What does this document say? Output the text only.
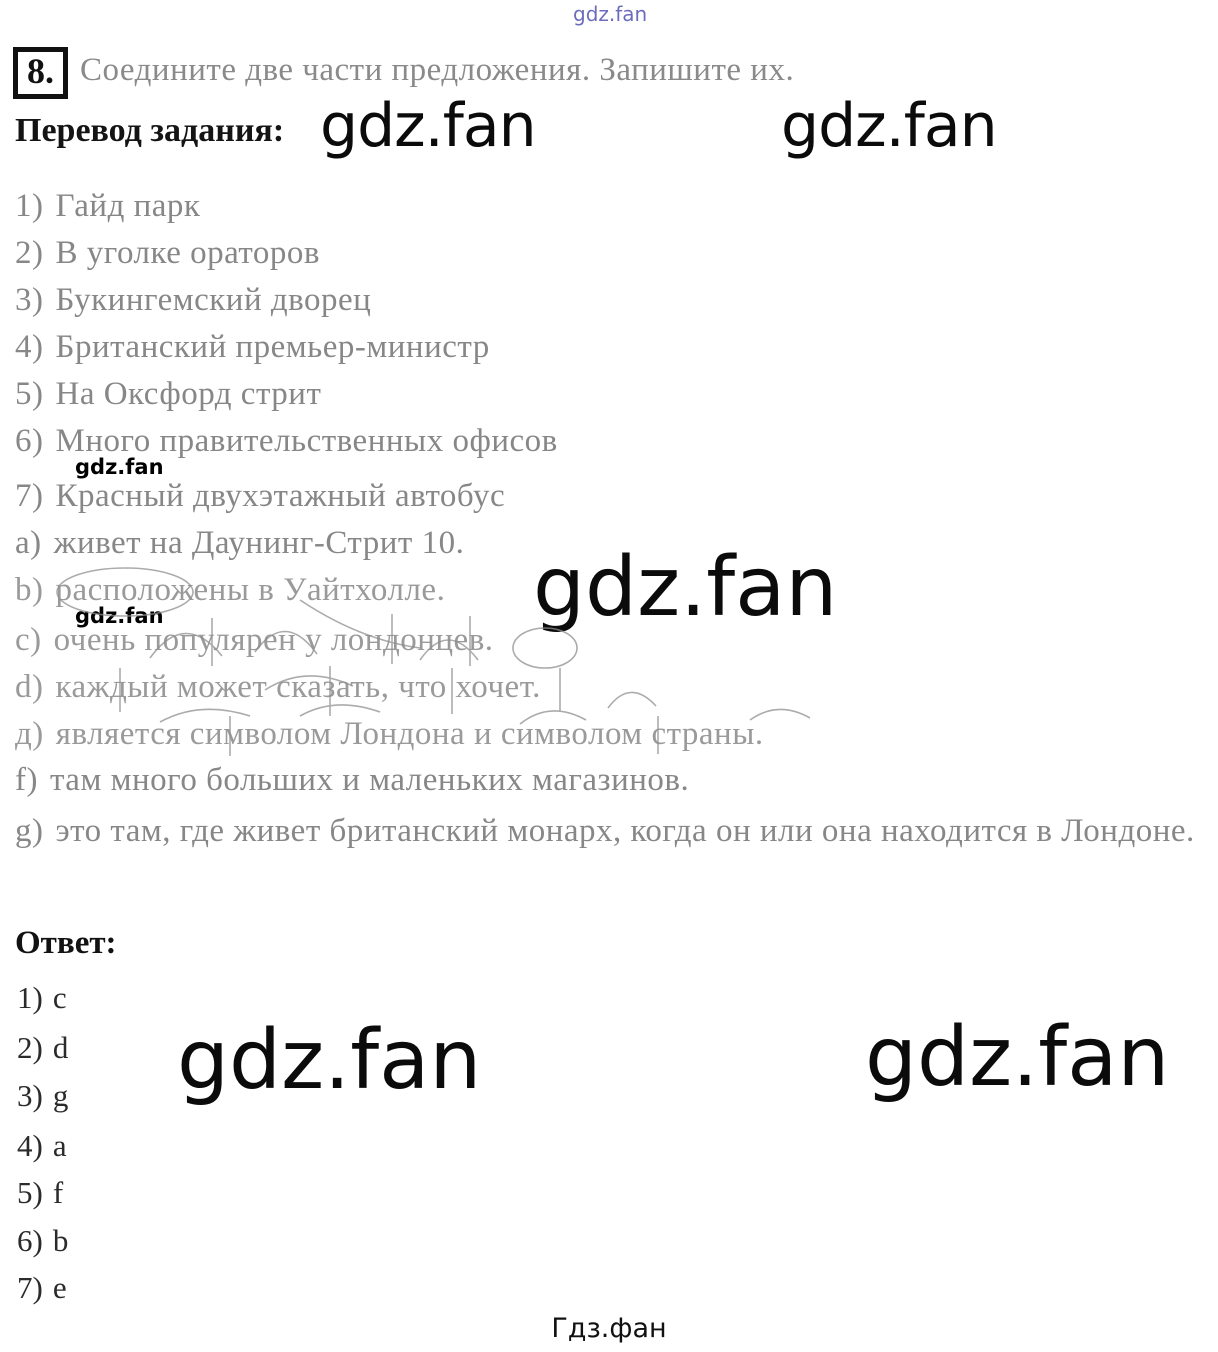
gdz.fan
8. Соедините две части предложения. Запишите их.
Перевод задания: gdz.fan	gdz.fan
1) Гайд парк
2) В уголке ораторов
3) Букингемский дворец
4) Британский премьер-министр
5) На Оксфорд стрит
6) Много правительственных офисов
gdz.fan
7) Красный двухэтажный автобус
a) живет на Даунинг-Стрит 10.
b) расположены в Уайтхолле.
gdz.fan
c) очень популярен у лондонцев.
d) каждый может сказать, что хочет.
д) является символом Лондона и символом страны.
f) там много больших и маленьких магазинов.
g) это там, где живет британский монарх, когда он или она находится в Лондоне.
gdz.fan
Ответ:
1) c
2) d
3) g
4) a
5) f
6) b
7) e
gdz.fan	gdz.fan
Гдз.фан
